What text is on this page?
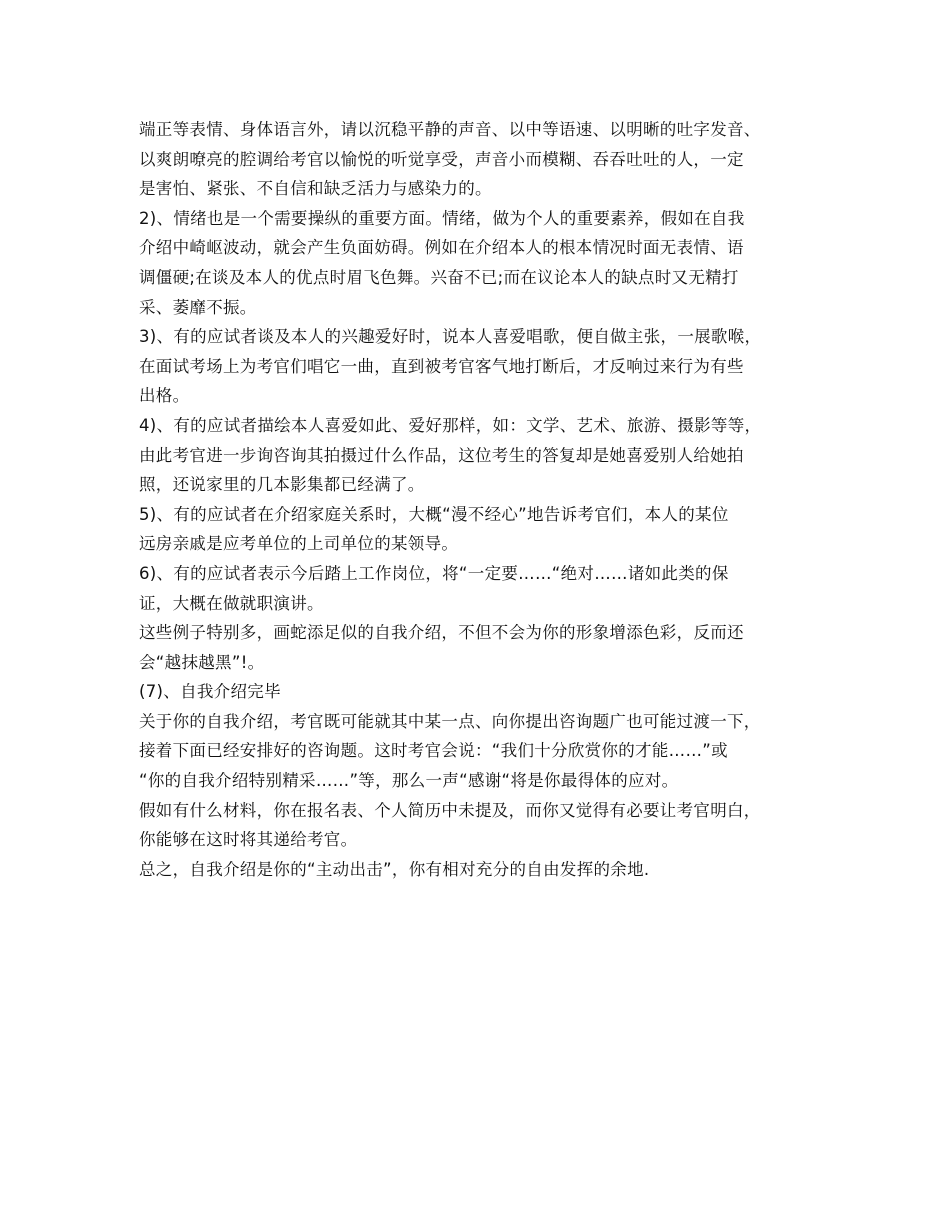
端正等表情、身体语言外，请以沉稳平静的声音、以中等语速、以明晰的吐字发音、
以爽朗嘹亮的腔调给考官以愉悦的听觉享受，声音小而模糊、吞吞吐吐的人，一定
是害怕、紧张、不自信和缺乏活力与感染力的。

2)、情绪也是一个需要操纵的重要方面。情绪，做为个人的重要素养，假如在自我
介绍中崎岖波动，就会产生负面妨碍。例如在介绍本人的根本情况时面无表情、语
调僵硬;在谈及本人的优点时眉飞色舞。兴奋不已;而在议论本人的缺点时又无精打
采、萎靡不振。

3)、有的应试者谈及本人的兴趣爱好时，说本人喜爱唱歌，便自做主张，一展歌喉，
在面试考场上为考官们唱它一曲，直到被考官客气地打断后，才反响过来行为有些
出格。

4)、有的应试者描绘本人喜爱如此、爱好那样，如：文学、艺术、旅游、摄影等等，
由此考官进一步询咨询其拍摄过什么作品，这位考生的答复却是她喜爱别人给她拍
照，还说家里的几本影集都已经满了。

5)、有的应试者在介绍家庭关系时，大概“漫不经心”地告诉考官们，本人的某位
远房亲戚是应考单位的上司单位的某领导。

6)、有的应试者表示今后踏上工作岗位，将“一定要……“绝对……诸如此类的保
证，大概在做就职演讲。

这些例子特别多，画蛇添足似的自我介绍，不但不会为你的形象增添色彩，反而还
会“越抹越黑”!。

(7)、自我介绍完毕

关于你的自我介绍，考官既可能就其中某一点、向你提出咨询题广也可能过渡一下，
接着下面已经安排好的咨询题。这时考官会说：“我们十分欣赏你的才能……”或
“你的自我介绍特别精采……”等，那么一声“感谢“将是你最得体的应对。

假如有什么材料，你在报名表、个人简历中未提及，而你又觉得有必要让考官明白，
你能够在这时将其递给考官。

总之，自我介绍是你的“主动出击”，你有相对充分的自由发挥的余地.
